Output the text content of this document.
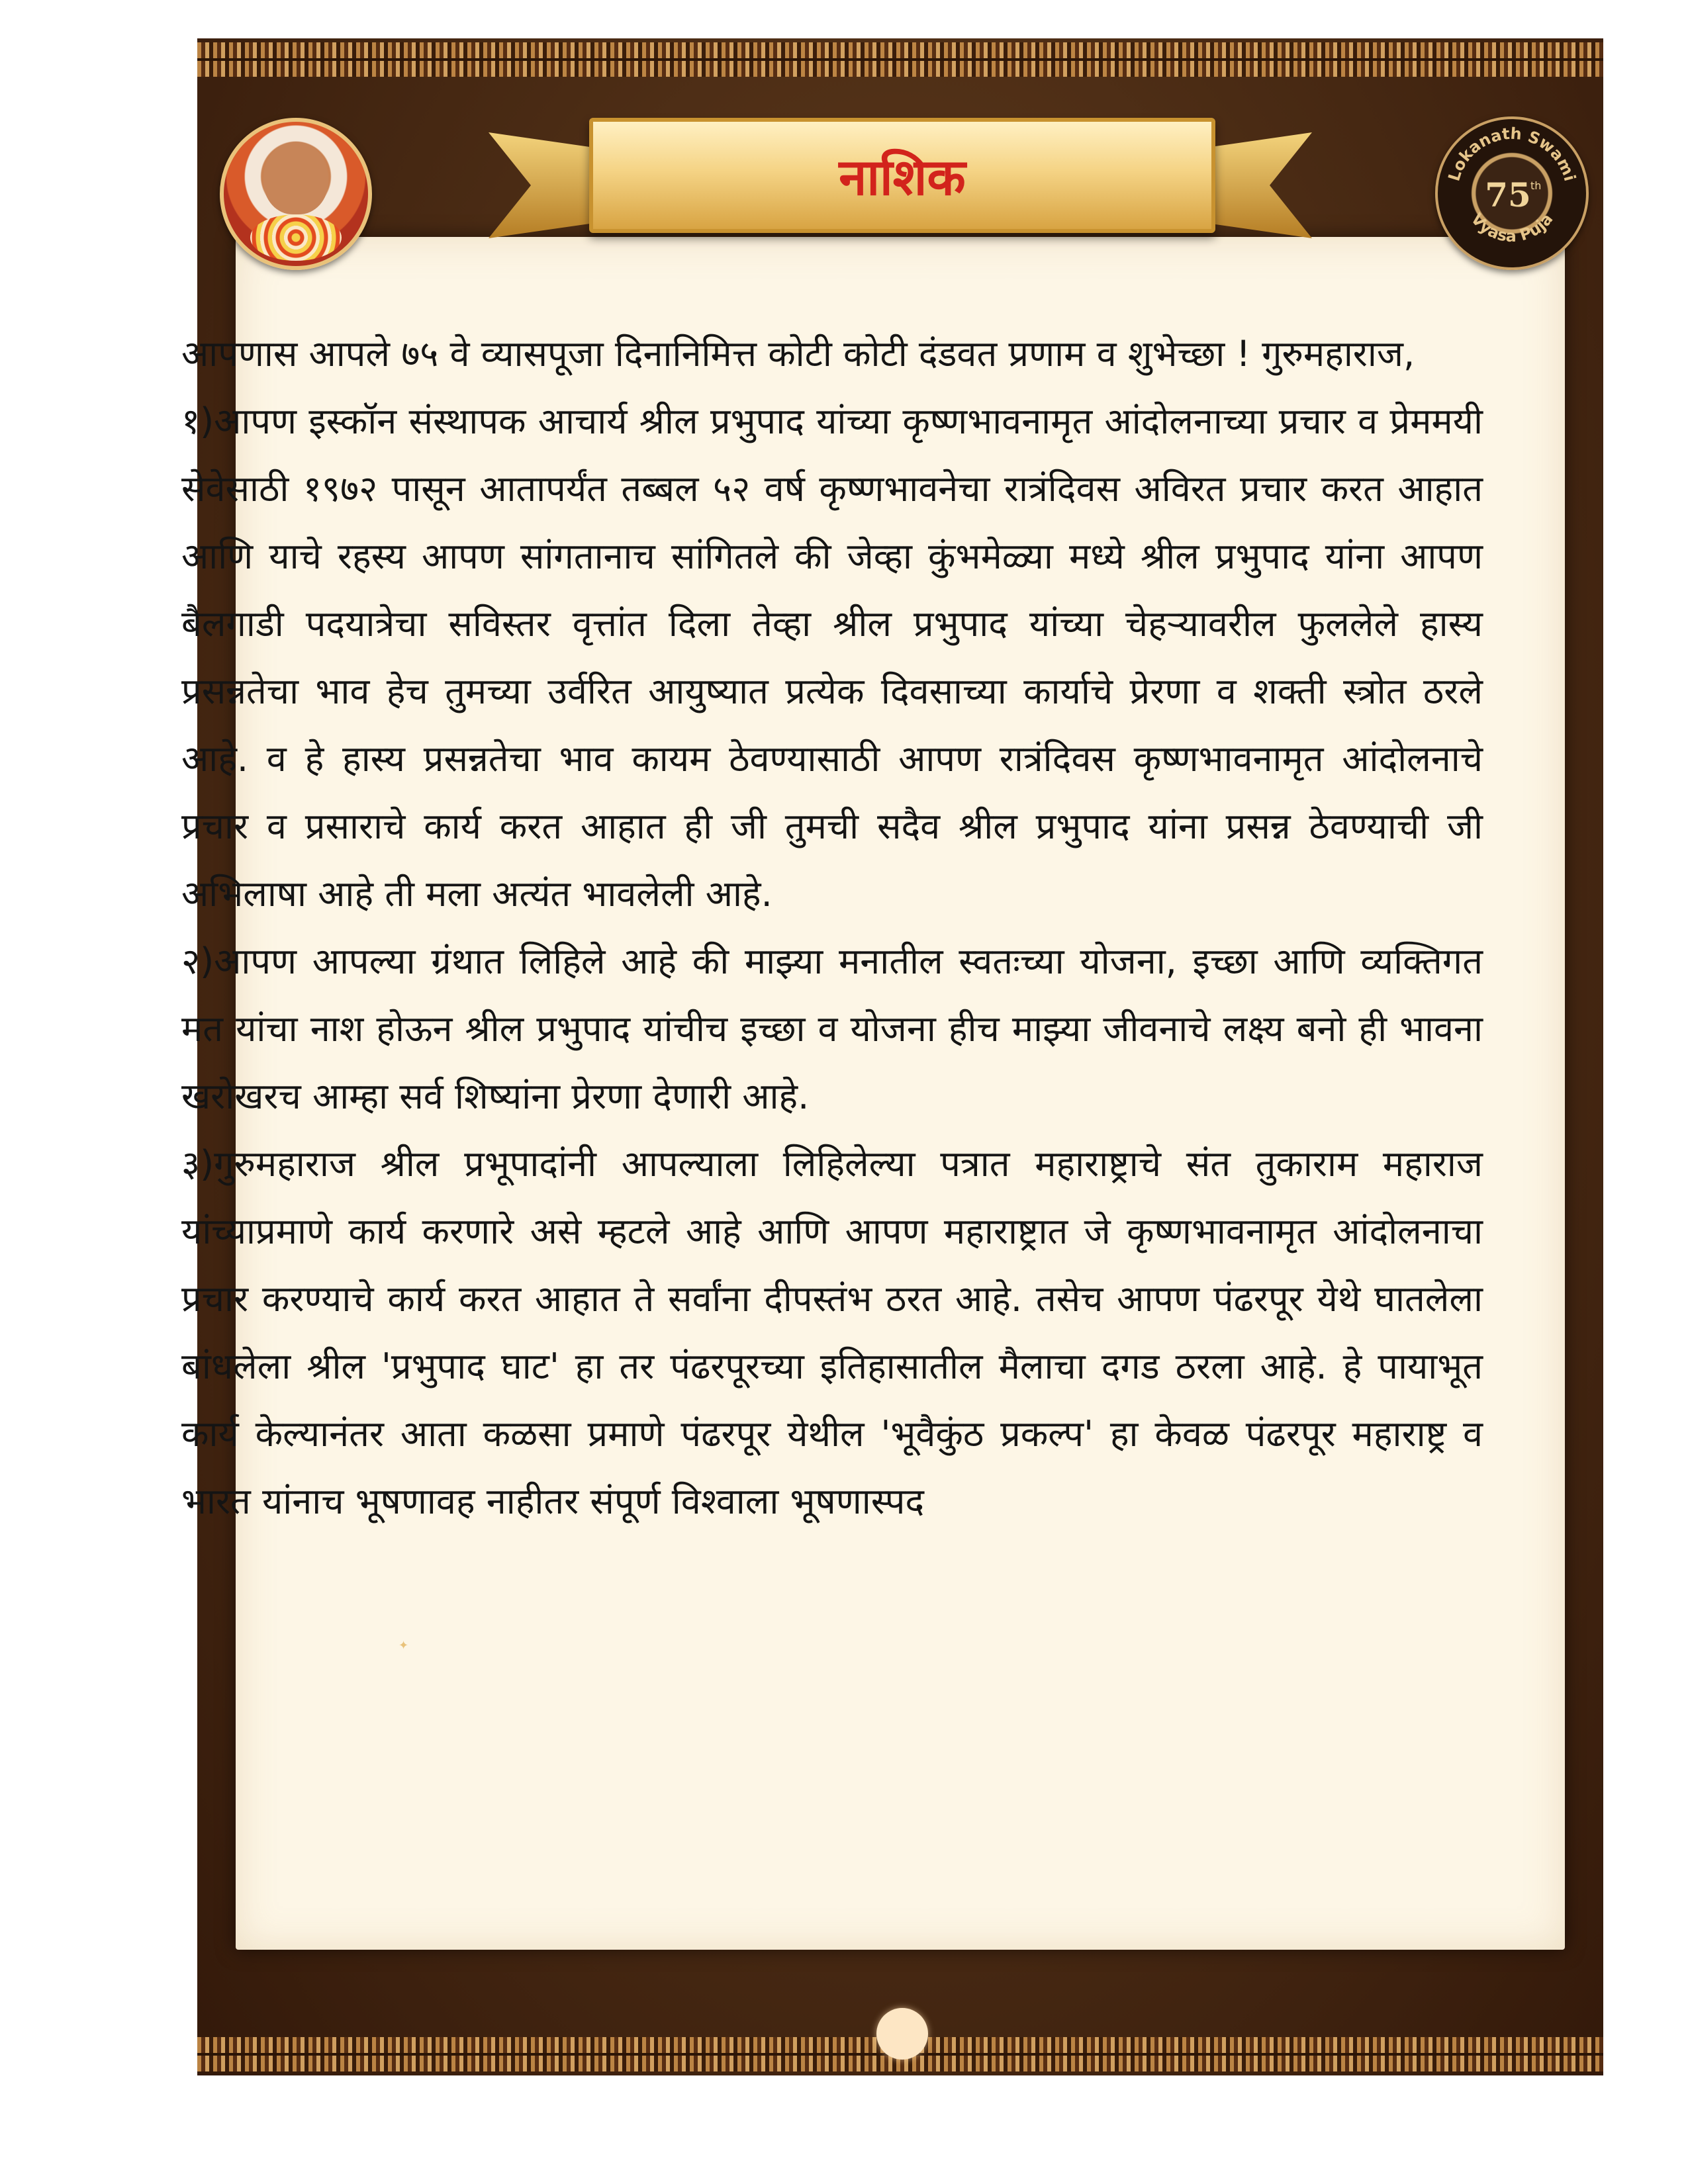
नाशिक	Lokanath Swami
Vyasa Puja
75 th
✦

आपणास आपले ७५ वे व्यासपूजा दिनानिमित्त कोटी कोटी दंडवत प्रणाम व शुभेच्छा ! गुरुमहाराज,

१)आपण इस्कॉन संस्थापक आचार्य श्रील प्रभुपाद यांच्या कृष्णभावनामृत आंदोलनाच्या प्रचार व प्रेममयी सेवेसाठी १९७२ पासून आतापर्यंत तब्बल ५२ वर्ष कृष्णभावनेचा रात्रंदिवस अविरत प्रचार करत आहात आणि याचे रहस्य आपण सांगतानाच सांगितले की जेव्हा कुंभमेळ्या मध्ये श्रील प्रभुपाद यांना आपण बैलगाडी पदयात्रेचा सविस्तर वृत्तांत दिला तेव्हा श्रील प्रभुपाद यांच्या चेहऱ्यावरील फुललेले हास्य प्रसन्नतेचा भाव हेच तुमच्या उर्वरित आयुष्यात प्रत्येक दिवसाच्या कार्याचे प्रेरणा व शक्ती स्त्रोत ठरले आहे. व हे हास्य प्रसन्नतेचा भाव कायम ठेवण्यासाठी आपण रात्रंदिवस कृष्णभावनामृत आंदोलनाचे प्रचार व प्रसाराचे कार्य करत आहात ही जी तुमची सदैव श्रील प्रभुपाद यांना प्रसन्न ठेवण्याची जी अभिलाषा आहे ती मला अत्यंत भावलेली आहे.

२)आपण आपल्या ग्रंथात लिहिले आहे की माझ्या मनातील स्वतःच्या योजना, इच्छा आणि व्यक्तिगत मत यांचा नाश होऊन श्रील प्रभुपाद यांचीच इच्छा व योजना हीच माझ्या जीवनाचे लक्ष्य बनो ही भावना खरोखरच आम्हा सर्व शिष्यांना प्रेरणा देणारी आहे.

३)गुरुमहाराज श्रील प्रभूपादांनी आपल्याला लिहिलेल्या पत्रात महाराष्ट्राचे संत तुकाराम महाराज यांच्याप्रमाणे कार्य करणारे असे म्हटले आहे आणि आपण महाराष्ट्रात जे कृष्णभावनामृत आंदोलनाचा प्रचार करण्याचे कार्य करत आहात ते सर्वांना दीपस्तंभ ठरत आहे. तसेच आपण पंढरपूर येथे घातलेला बांधलेला श्रील 'प्रभुपाद घाट' हा तर पंढरपूरच्या इतिहासातील मैलाचा दगड ठरला आहे. हे पायाभूत कार्य केल्यानंतर आता कळसा प्रमाणे पंढरपूर येथील 'भूवैकुंठ प्रकल्प' हा केवळ पंढरपूर महाराष्ट्र व भारत यांनाच भूषणावह नाहीतर संपूर्ण विश्वाला भूषणास्पद
